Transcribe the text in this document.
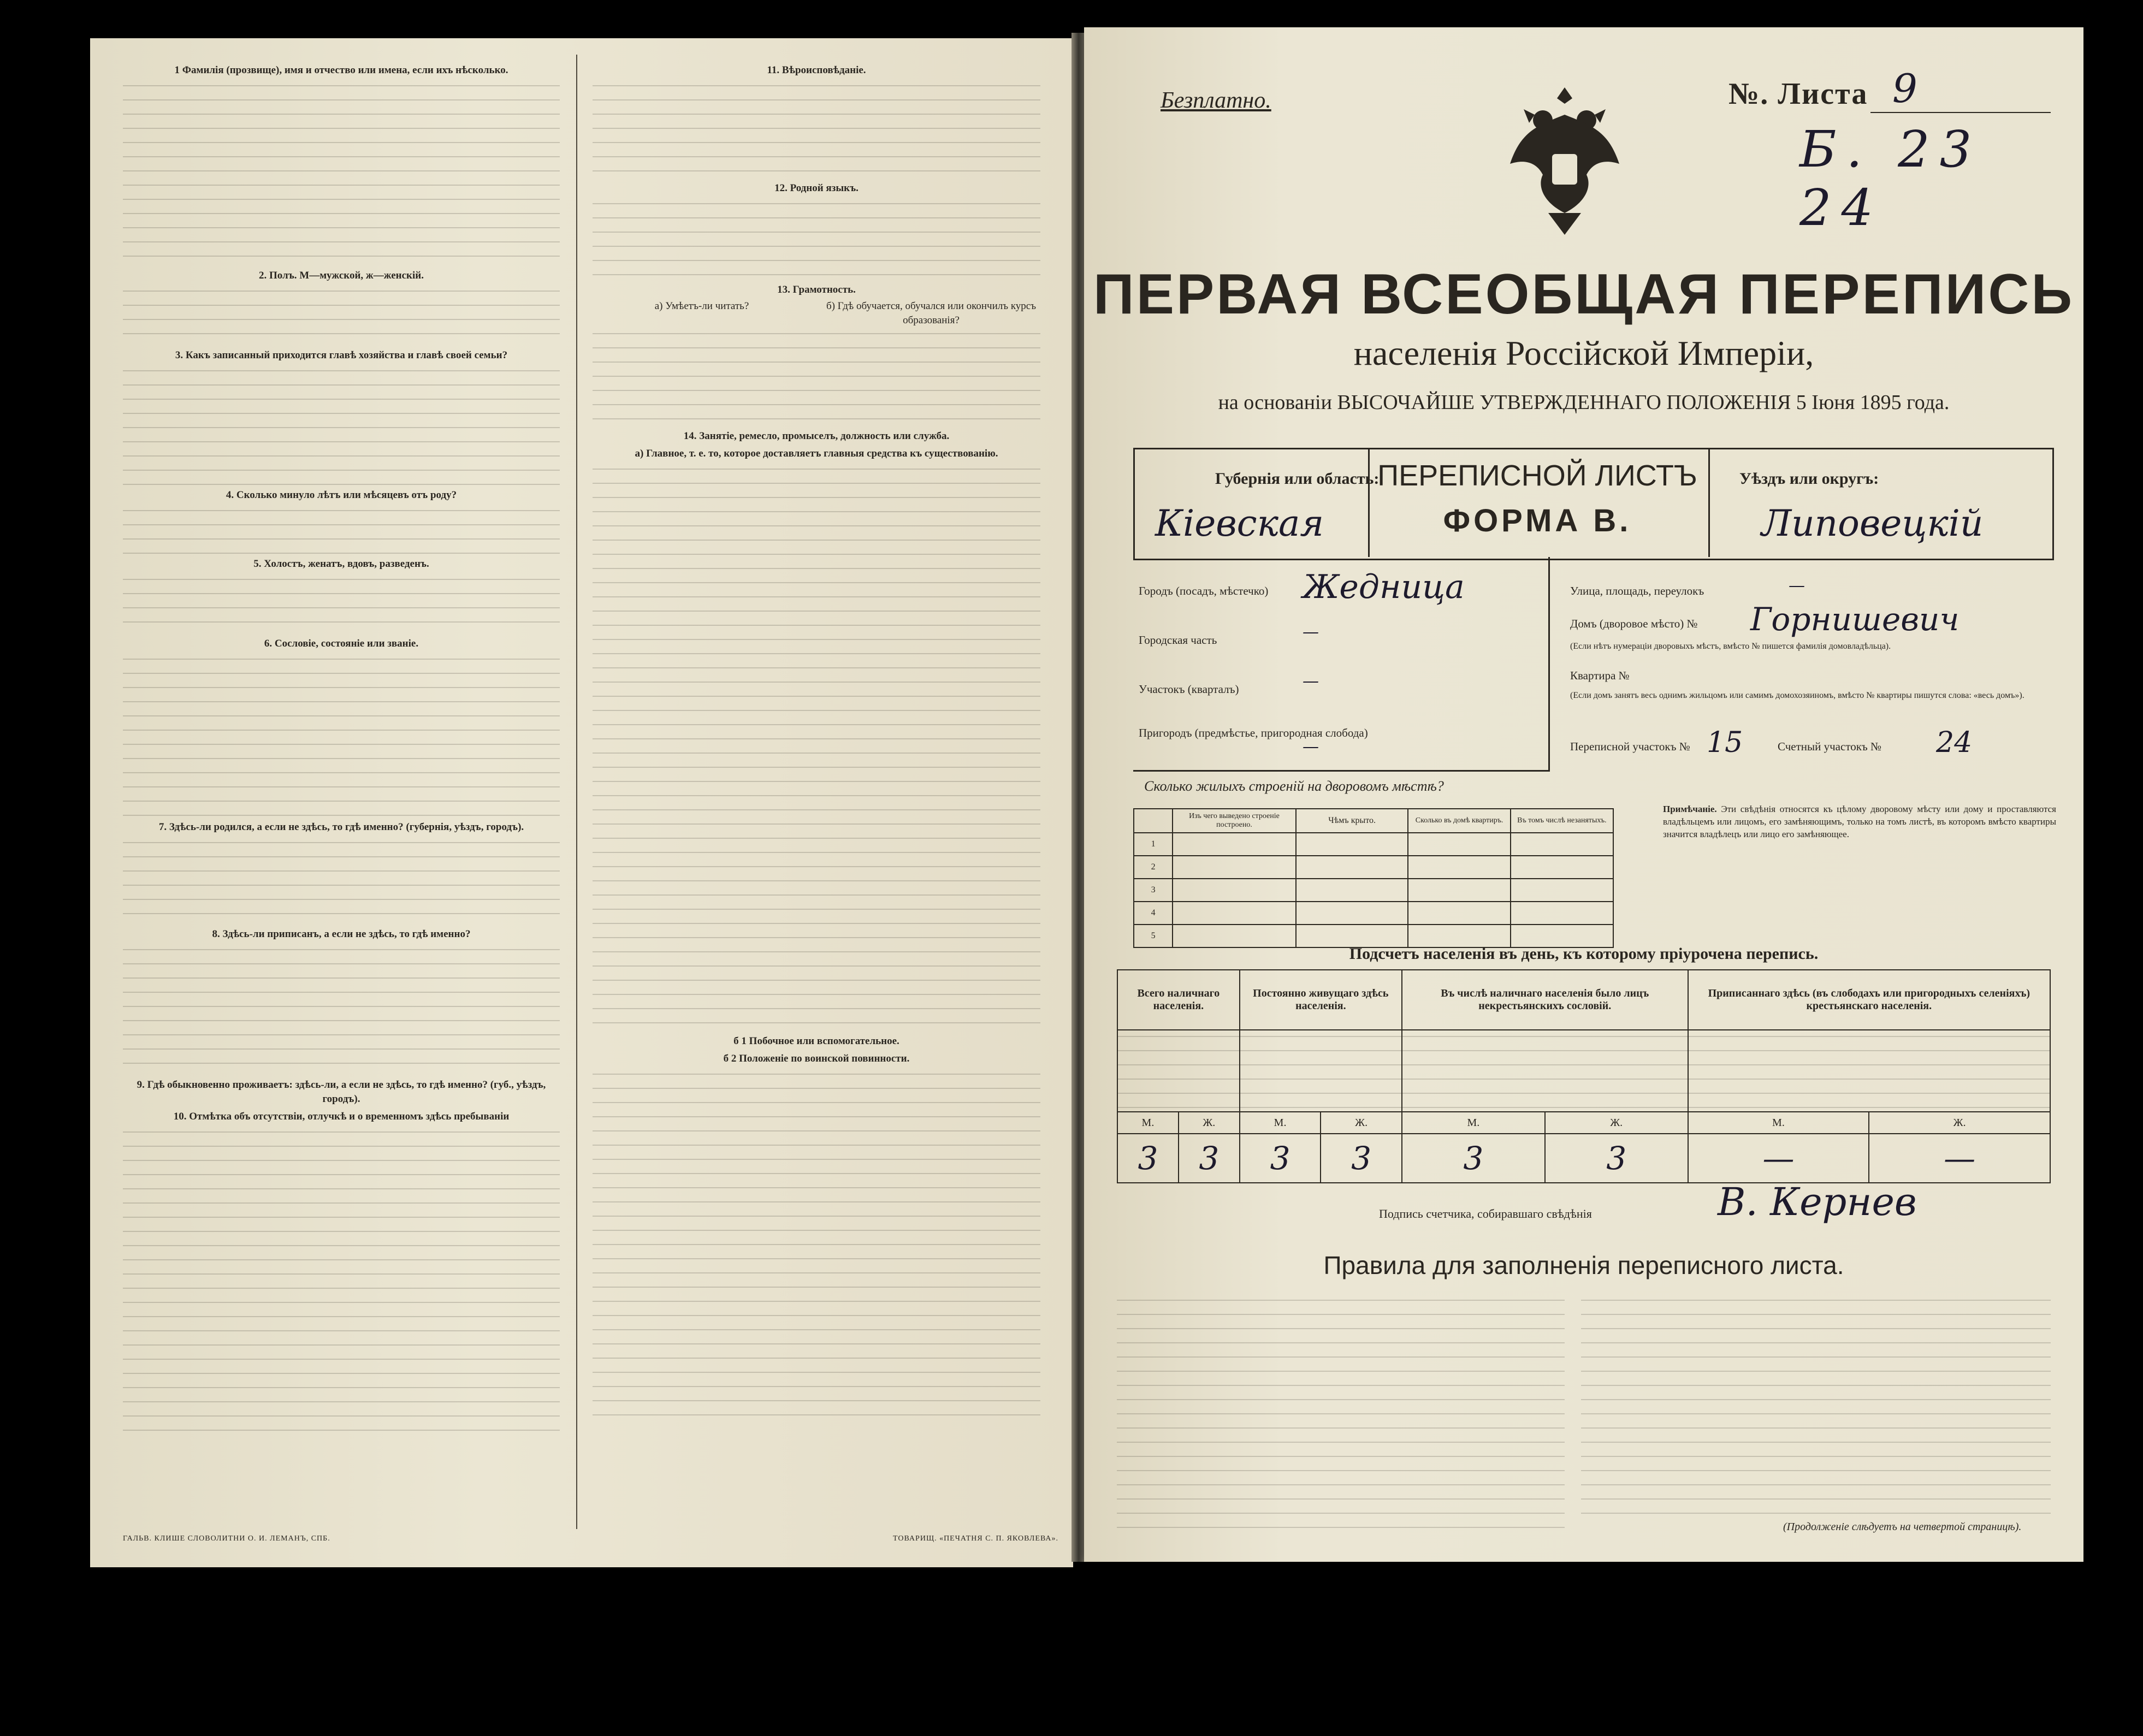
1 Фамилія (прозвище), имя и отчество или имена, если ихъ нѣсколько.

2. Полъ. М—мужской, ж—женскій.

3. Какъ записанный приходится главѣ хозяйства и главѣ своей семьи?

4. Сколько минуло лѣтъ или мѣсяцевъ отъ роду?

5. Холостъ, женатъ, вдовъ, разведенъ.

6. Сословіе, состояніе или званіе.

7. Здѣсь-ли родился, а если не здѣсь, то гдѣ именно? (губернія, уѣздъ, городъ).

8. Здѣсь-ли приписанъ, а если не здѣсь, то гдѣ именно?

9. Гдѣ обыкновенно проживаетъ: здѣсь-ли, а если не здѣсь, то гдѣ именно? (губ., уѣздъ, городъ).

10. Отмѣтка объ отсутствіи, отлучкѣ и о временномъ здѣсь пребываніи

11. Вѣроисповѣданіе.

12. Родной языкъ.

13. Грамотность.

а) Умѣетъ-ли читать?	б) Гдѣ обучается, обучался или окончилъ курсъ образованія?

14. Занятіе, ремесло, промыселъ, должность или служба.

а) Главное, т. е. то, которое доставляетъ главныя средства къ существованію.

б 1 Побочное или вспомогательное.

б 2 Положеніе по воинской повинности.

ГАЛЬВ. КЛИШЕ СЛОВОЛИТНИ О. И. ЛЕМАНЪ, СПБ.	ТОВАРИЩ. «ПЕЧАТНЯ С. П. ЯКОВЛЕВА».
Безплатно.	№. Листа 9
Б. 23 24
ПЕРВАЯ ВСЕОБЩАЯ ПЕРЕПИСЬ
населенія Россійской Имперіи,
на основаніи ВЫСОЧАЙШЕ УТВЕРЖДЕННАГО ПОЛОЖЕНІЯ 5 Іюня 1895 года.
ПЕРЕПИСНОЙ ЛИСТЪ
ФОРМА В.
Губернія или область:
Кiевская
Уѣздъ или округъ:
Липовецкiй
Городъ (посадъ, мѣстечко) Жедница
Городская часть	—
Участокъ (кварталъ)	—
Пригородъ (предмѣстье, пригородная слобода)
—
Улица, площадь, переулокъ	—
Домъ (дворовое мѣсто) № Горнишевич
(Если нѣтъ нумераціи дворовыхъ мѣстъ, вмѣсто № пишется фамилія домовладѣльца).
Квартира №
(Если домъ занятъ весь однимъ жильцомъ или самимъ домохозяиномъ, вмѣсто № квартиры пишутся слова: «весь домъ»).
Переписной участокъ № 15	Счетный участокъ № 24
Сколько жилыхъ строеній на дворовомъ мѣстѣ?
	Изъ чего выведено строеніе построено.	Чѣмъ крыто.	Сколько въ домѣ квартиръ.	Въ томъ числѣ незанятыхъ.
1				
2				
3				
4				
5				
Примѣчаніе. Эти свѣдѣнія относятся къ цѣлому дворовому мѣсту или дому и проставляются владѣльцемъ или лицомъ, его замѣняющимъ, только на томъ листѣ, въ которомъ вмѣсто квартиры значится владѣлецъ или лицо его замѣняющее.
Подсчетъ населенія въ день, къ которому пріурочена перепись.
Всего наличнаго населенія.		Постоянно живущаго здѣсь населенія.		Въ числѣ наличнаго населенія было лицъ некрестьянскихъ сословій.		Приписаннаго здѣсь (въ слободахъ или пригородныхъ селеніяхъ) крестьянскаго населенія.	

М.	Ж.	М.	Ж.	М.	Ж.	М.	Ж.
3	3	3	3	3	3	—	—
Подпись счетчика, собиравшаго свѣдѣнія	В. Кернев
Правила для заполненія переписного листа.
(Продолженіе слѣдуетъ на четвертой страницѣ).
